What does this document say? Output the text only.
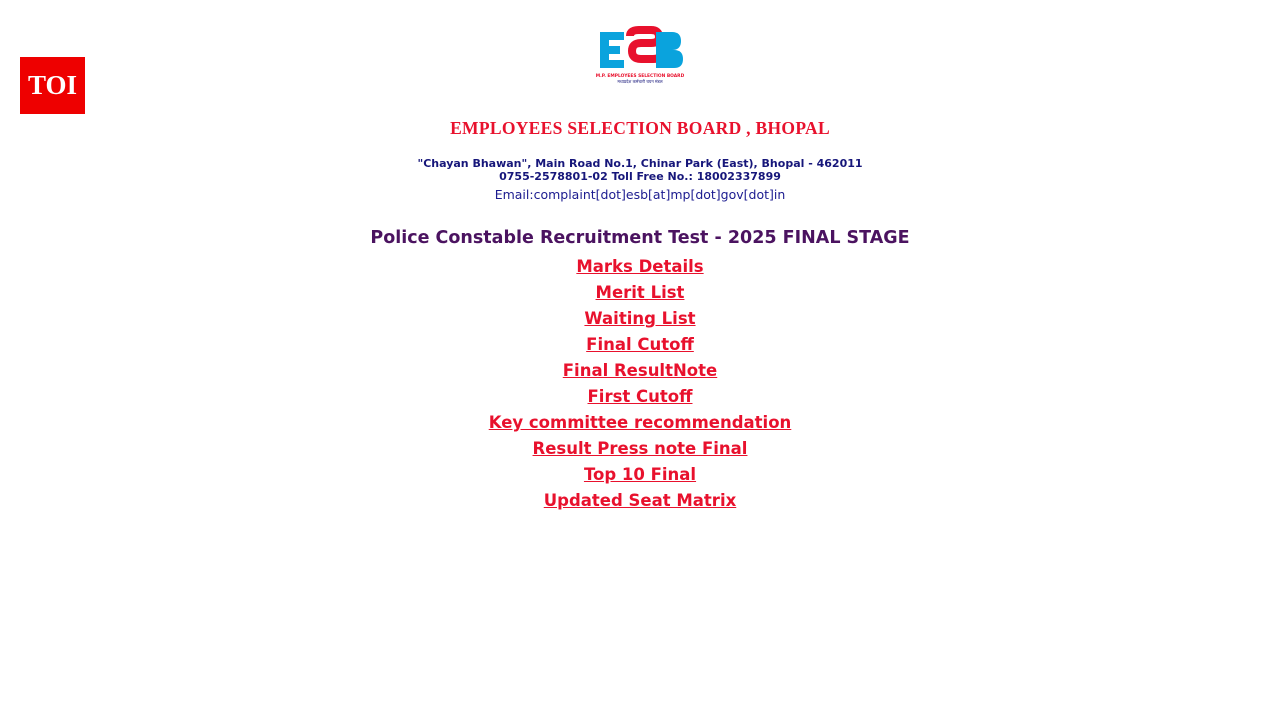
TOI	M.P. EMPLOYEES SELECTION BOARD
मध्यप्रदेश कर्मचारी चयन मंडल
EMPLOYEES SELECTION BOARD , BHOPAL
"Chayan Bhawan", Main Road No.1, Chinar Park (East), Bhopal - 462011
0755-2578801-02 Toll Free No.: 18002337899
Email:complaint[dot]esb[at]mp[dot]gov[dot]in
Police Constable Recruitment Test - 2025 FINAL STAGE
Marks Details
Merit List
Waiting List
Final Cutoff
Final ResultNote
First Cutoff
Key committee recommendation
Result Press note Final
Top 10 Final
Updated Seat Matrix
